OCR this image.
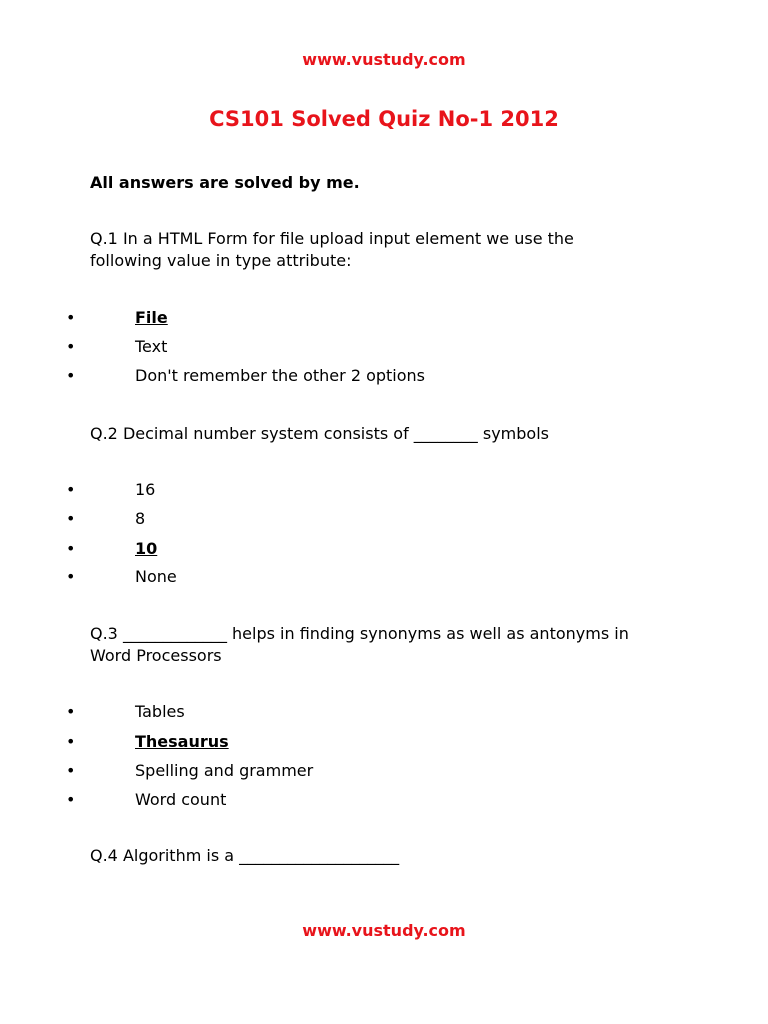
www.vustudy.com
CS101 Solved Quiz No-1 2012
All answers are solved by me.
Q.1 In a HTML Form for file upload input element we use the
following value in type attribute:
•	File
•	Text
•	Don't remember the other 2 options
Q.2 Decimal number system consists of ________ symbols
•	16
•	8
•	10
•	None
Q.3 _____________ helps in finding synonyms as well as antonyms in
Word Processors
•	Tables
•	Thesaurus
•	Spelling and grammer
•	Word count
Q.4 Algorithm is a ____________________
www.vustudy.com
